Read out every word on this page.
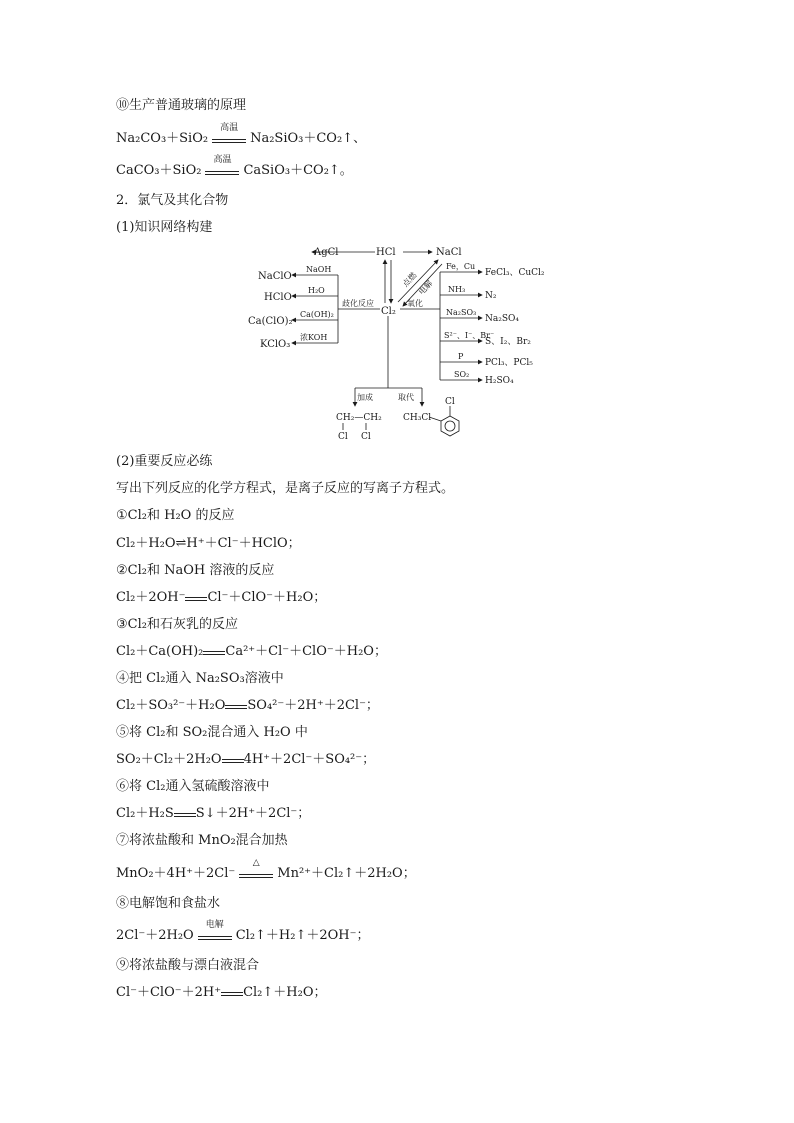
⑩生产普通玻璃的原理
Na₂CO₃＋SiO₂
高温
Na₂SiO₃＋CO₂↑、
CaCO₃＋SiO₂
高温
CaSiO₃＋CO₂↑。
2．氯气及其化合物
(1)知识网络构建
AgCl	HCl	NaCl
Cl₂
NaClO
HClO
Ca(ClO)₂
KClO₃
NaOH
H₂O
Ca(OH)₂
浓KOH
歧化反应	氧化
点燃
电解
Fe，Cu
NH₃
Na₂SO₃
S²⁻、I⁻、Br⁻
P
SO₂
加成	取代
FeCl₃、CuCl₂
N₂
Na₂SO₄
S、I₂、Br₂
PCl₃、PCl₅
H₂SO₄
CH₂—CH₂
Cl Cl
CH₃Cl
Cl
(2)重要反应必练
写出下列反应的化学方程式，是离子反应的写离子方程式。
①Cl₂和 H₂O 的反应
Cl₂＋H₂O⇌H⁺＋Cl⁻＋HClO；
②Cl₂和 NaOH 溶液的反应
Cl₂＋2OH⁻ Cl⁻＋ClO⁻＋H₂O；
③Cl₂和石灰乳的反应
Cl₂＋Ca(OH)₂ Ca²⁺＋Cl⁻＋ClO⁻＋H₂O；
④把 Cl₂通入 Na₂SO₃溶液中
Cl₂＋SO₃²⁻＋H₂O SO₄²⁻＋2H⁺＋2Cl⁻；
⑤将 Cl₂和 SO₂混合通入 H₂O 中
SO₂＋Cl₂＋2H₂O 4H⁺＋2Cl⁻＋SO₄²⁻；
⑥将 Cl₂通入氢硫酸溶液中
Cl₂＋H₂S S↓＋2H⁺＋2Cl⁻；
⑦将浓盐酸和 MnO₂混合加热
MnO₂＋4H⁺＋2Cl⁻
△
Mn²⁺＋Cl₂↑＋2H₂O；
⑧电解饱和食盐水
2Cl⁻＋2H₂O
电解
Cl₂↑＋H₂↑＋2OH⁻；
⑨将浓盐酸与漂白液混合
Cl⁻＋ClO⁻＋2H⁺ Cl₂↑＋H₂O；
